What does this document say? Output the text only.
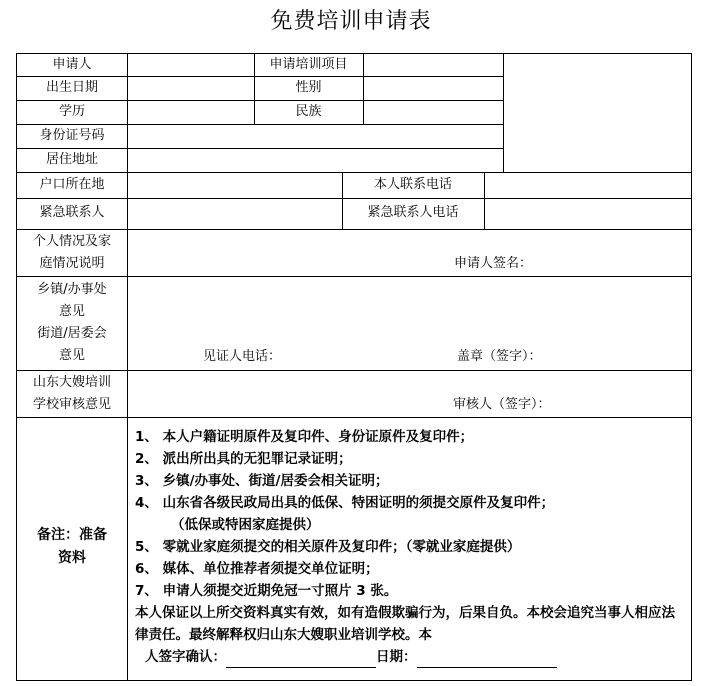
免费培训申请表
申请人	申请培训项目
出生日期	性别
学历	民族
身份证号码
居住地址
户口所在地	本人联系电话
紧急联系人	紧急联系人电话
个人情况及家
庭情况说明	申请人签名：
乡镇/办事处
意见
街道/居委会
意见	见证人电话：	盖章（签字）：
山东大嫂培训
学校审核意见	审核人（签字）：
备注：准备
资料
1、 本人户籍证明原件及复印件、身份证原件及复印件；
2、 派出所出具的无犯罪记录证明；
3、 乡镇/办事处、街道/居委会相关证明；
4、 山东省各级民政局出具的低保、特困证明的须提交原件及复印件；
（低保或特困家庭提供）
5、 零就业家庭须提交的相关原件及复印件；（零就业家庭提供）
6、 媒体、单位推荐者须提交单位证明；
7、 申请人须提交近期免冠一寸照片 3 张。
本人保证以上所交资料真实有效，如有造假欺骗行为，后果自负。本校会追究当事人相应法律责任。最终解释权归山东大嫂职业培训学校。本
人签字确认：	日期：
